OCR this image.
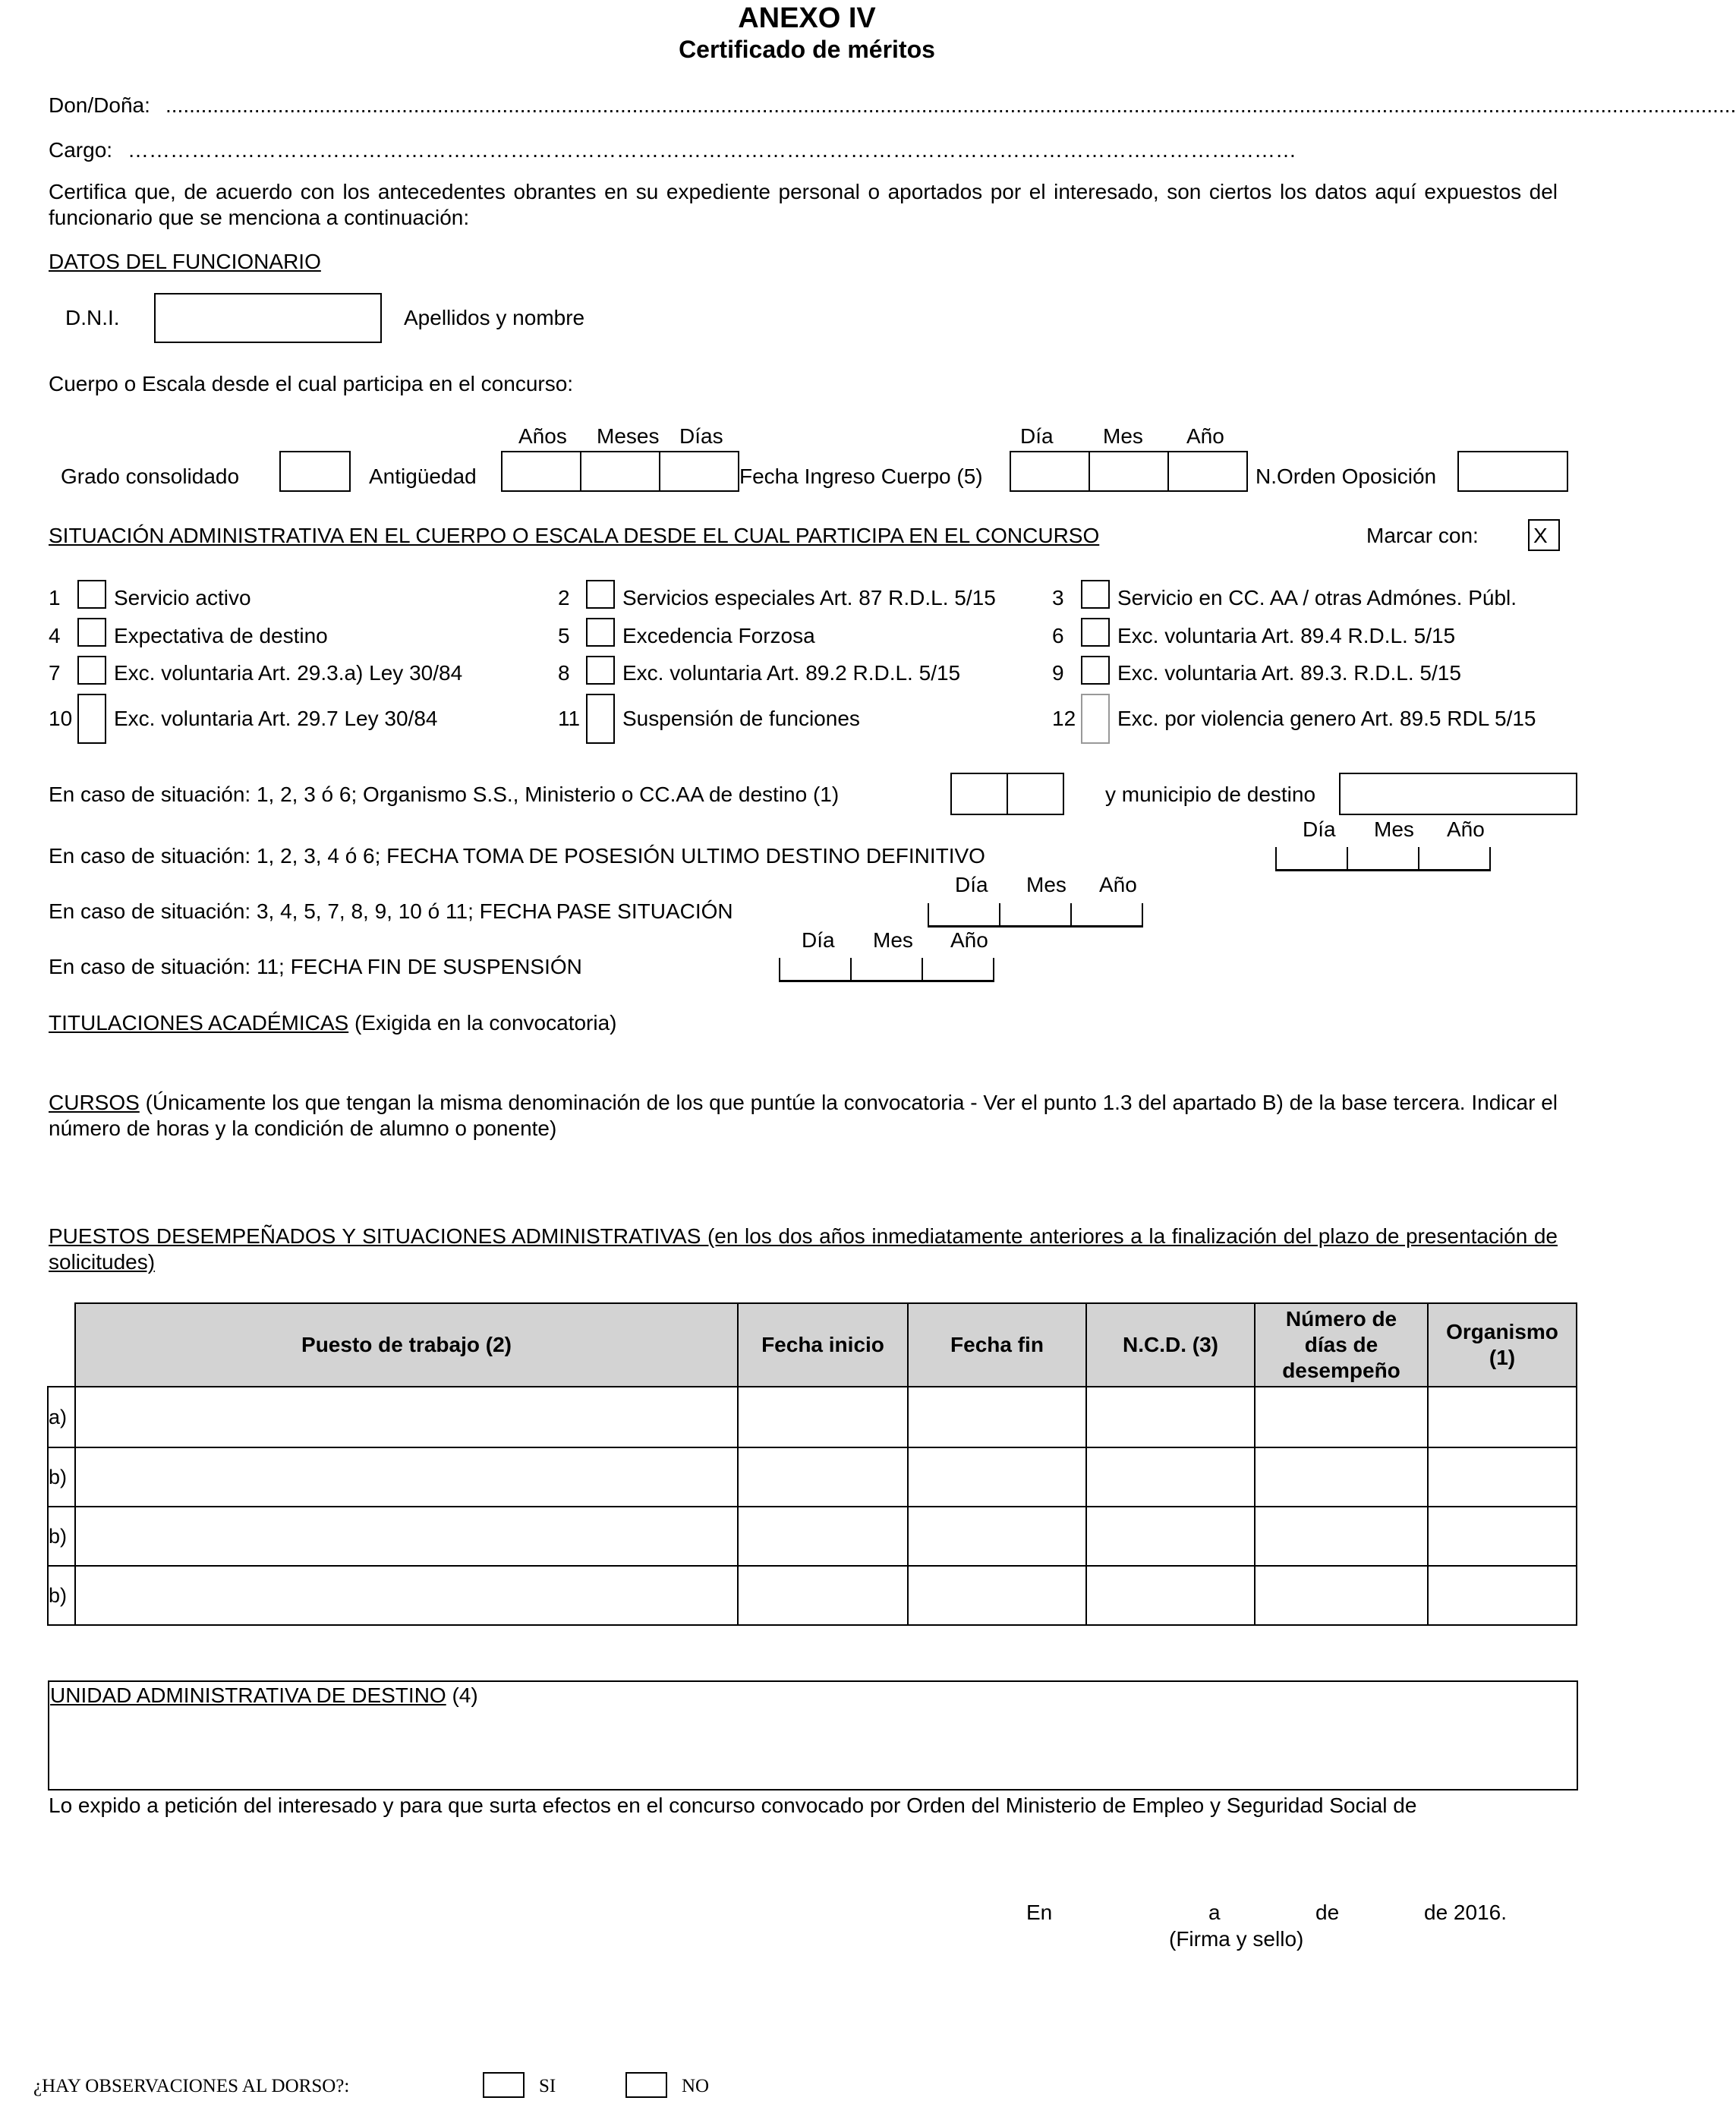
ANEXO IV
Certificado de méritos
Don/Doña: ..........................................................................................................................................................................................................................................................................
Cargo: …………………………………………………………………………………………………………………………………………………
Certifica que, de acuerdo con los antecedentes obrantes en su expediente personal o aportados por el interesado, son ciertos los datos aquí expuestos del funcionario que se menciona a continuación:
DATOS DEL FUNCIONARIO
D.N.I.	Apellidos y nombre
Cuerpo o Escala desde el cual participa en el concurso:
Años Meses Días	Día Mes Año
Grado consolidado	Antigüedad	Fecha Ingreso Cuerpo (5)	N.Orden Oposición
SITUACIÓN ADMINISTRATIVA EN EL CUERPO O ESCALA DESDE EL CUAL PARTICIPA EN EL CONCURSO	Marcar con:	X
1	Servicio activo	2 Servicios especiales Art. 87 R.D.L. 5/15	3	Servicio en CC. AA / otras Admónes. Públ.
4	Expectativa de destino	5 Excedencia Forzosa	6	Exc. voluntaria Art. 89.4 R.D.L. 5/15
7	Exc. voluntaria Art. 29.3.a) Ley 30/84	8 Exc. voluntaria Art. 89.2 R.D.L. 5/15	9	Exc. voluntaria Art. 89.3. R.D.L. 5/15
10 Exc. voluntaria Art. 29.7 Ley 30/84	11 Suspensión de funciones	12 Exc. por violencia genero Art. 89.5 RDL 5/15
En caso de situación: 1, 2, 3 ó 6; Organismo S.S., Ministerio o CC.AA de destino (1)	y municipio de destino
Día Mes Año
En caso de situación: 1, 2, 3, 4 ó 6; FECHA TOMA DE POSESIÓN ULTIMO DESTINO DEFINITIVO
Día Mes Año
En caso de situación: 3, 4, 5, 7, 8, 9, 10 ó 11; FECHA PASE SITUACIÓN
Día Mes Año
En caso de situación: 11; FECHA FIN DE SUSPENSIÓN
TITULACIONES ACADÉMICAS (Exigida en la convocatoria)
CURSOS (Únicamente los que tengan la misma denominación de los que puntúe la convocatoria - Ver el punto 1.3 del apartado B) de la base tercera. Indicar el número de horas y la condición de alumno o ponente)
PUESTOS DESEMPEÑADOS Y SITUACIONES ADMINISTRATIVAS (en los dos años inmediatamente anteriores a la finalización del plazo de presentación de solicitudes)
	Puesto de trabajo (2)	Fecha inicio	Fecha fin	N.C.D. (3)	Número de días de desempeño	Organismo (1)
a)						
b)						
b)						
b)						
UNIDAD ADMINISTRATIVA DE DESTINO (4)
Lo expido a petición del interesado y para que surta efectos en el concurso convocado por Orden del Ministerio de Empleo y Seguridad Social de
En	a	de	de 2016.
(Firma y sello)
¿HAY OBSERVACIONES AL DORSO?:	SI	NO
